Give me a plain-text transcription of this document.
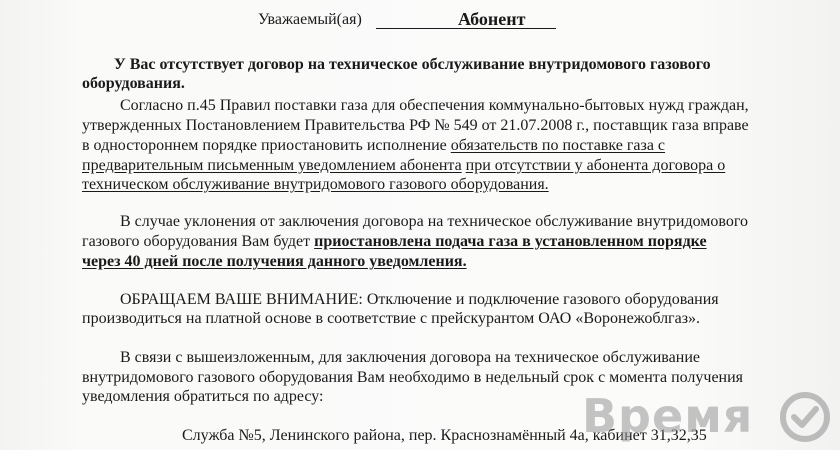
Уважаемый(ая)	Абонент
У Вас отсутствует договор на техническое обслуживание внутридомового газового
оборудования.
Согласно п.45 Правил поставки газа для обеспечения коммунально-бытовых нужд граждан,
утвержденных Постановлением Правительства РФ № 549 от 21.07.2008 г., поставщик газа вправе
в одностороннем порядке приостановить исполнение обязательств по поставке газа с
предварительным письменным уведомлением абонента при отсутствии у абонента договора о
техническом обслуживание внутридомового газового оборудования.
В случае уклонения от заключения договора на техническое обслуживание внутридомового
газового оборудования Вам будет приостановлена подача газа в установленном порядке
через 40 дней после получения данного уведомления.
ОБРАЩАЕМ ВАШЕ ВНИМАНИЕ: Отключение и подключение газового оборудования
производиться на платной основе в соответствие с прейскурантом ОАО «Воронежоблгаз».
В связи с вышеизложенным, для заключения договора на техническое обслуживание
внутридомового газового оборудования Вам необходимо в недельный срок с момента получения
уведомления обратиться по адресу:
Служба №5, Ленинского района, пер. Краснознамённый 4а, кабинет 31,32,35
Время
